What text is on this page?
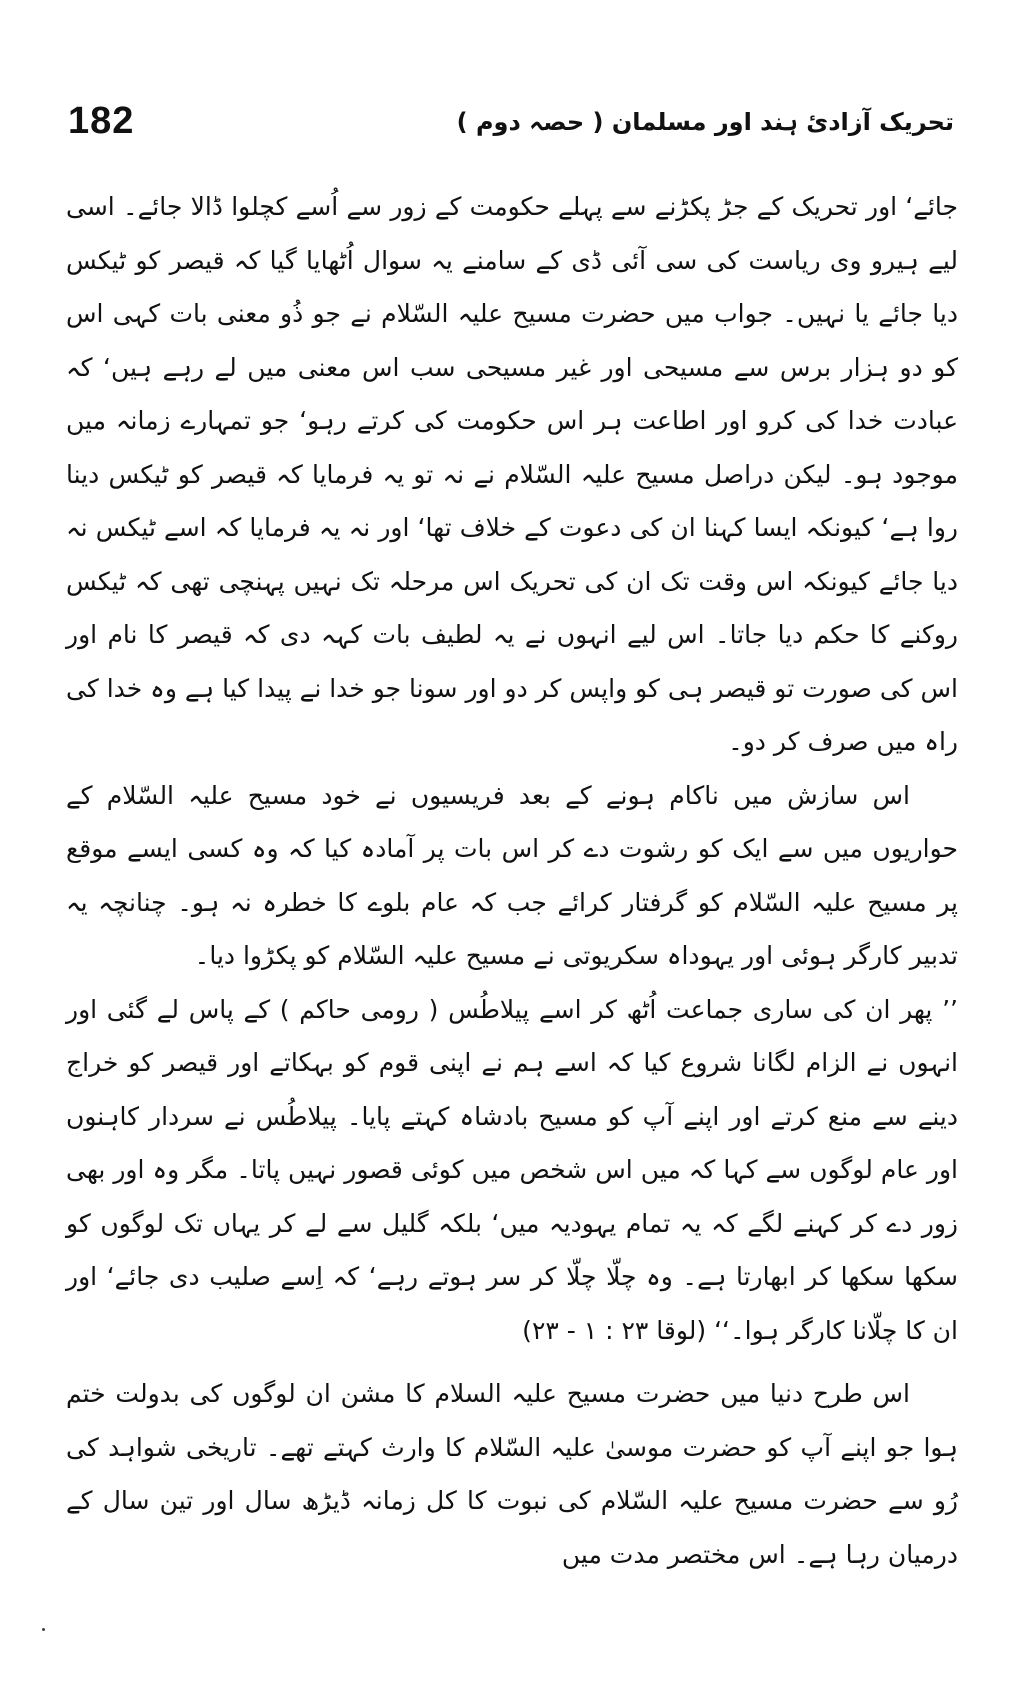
182	تحریک آزادیٔ ہند اور مسلمان ( حصہ دوم )

جائے‘ اور تحریک کے جڑ پکڑنے سے پہلے حکومت کے زور سے اُسے کچلوا ڈالا جائے۔ اسی لیے ہیرو وی ریاست کی سی آئی ڈی کے سامنے یہ سوال اُٹھایا گیا کہ قیصر کو ٹیکس دیا جائے یا نہیں۔ جواب میں حضرت مسیح علیہ السّلام نے جو ذُو معنی بات کہی اس کو دو ہزار برس سے مسیحی اور غیر مسیحی سب اس معنی میں لے رہے ہیں‘ کہ عبادت خدا کی کرو اور اطاعت ہر اس حکومت کی کرتے رہو‘ جو تمہارے زمانہ میں موجود ہو۔ لیکن دراصل مسیح علیہ السّلام نے نہ تو یہ فرمایا کہ قیصر کو ٹیکس دینا روا ہے‘ کیونکہ ایسا کہنا ان کی دعوت کے خلاف تھا‘ اور نہ یہ فرمایا کہ اسے ٹیکس نہ دیا جائے کیونکہ اس وقت تک ان کی تحریک اس مرحلہ تک نہیں پہنچی تھی کہ ٹیکس روکنے کا حکم دیا جاتا۔ اس لیے انہوں نے یہ لطیف بات کہہ دی کہ قیصر کا نام اور اس کی صورت تو قیصر ہی کو واپس کر دو اور سونا جو خدا نے پیدا کیا ہے وہ خدا کی راہ میں صرف کر دو۔

اس سازش میں ناکام ہونے کے بعد فریسیوں نے خود مسیح علیہ السّلام کے حواریوں میں سے ایک کو رشوت دے کر اس بات پر آمادہ کیا کہ وہ کسی ایسے موقع پر مسیح علیہ السّلام کو گرفتار کرائے جب کہ عام بلوے کا خطرہ نہ ہو۔ چنانچہ یہ تدبیر کارگر ہوئی اور یہوداہ سکریوتی نے مسیح علیہ السّلام کو پکڑوا دیا۔

’’ پھر ان کی ساری جماعت اُٹھ کر اسے پیلاطُس ( رومی حاکم ) کے پاس لے گئی اور انہوں نے الزام لگانا شروع کیا کہ اسے ہم نے اپنی قوم کو بہکاتے اور قیصر کو خراج دینے سے منع کرتے اور اپنے آپ کو مسیح بادشاہ کہتے پایا۔ پیلاطُس نے سردار کاہنوں اور عام لوگوں سے کہا کہ میں اس شخص میں کوئی قصور نہیں پاتا۔ مگر وہ اور بھی زور دے کر کہنے لگے کہ یہ تمام یہودیہ میں‘ بلکہ گلیل سے لے کر یہاں تک لوگوں کو سکھا سکھا کر ابھارتا ہے۔ وہ چلّا چلّا کر سر ہوتے رہے‘ کہ اِسے صلیب دی جائے‘ اور ان کا چلّانا کارگر ہوا۔‘‘ (لوقا ۲۳ : ۱ - ۲۳)

اس طرح دنیا میں حضرت مسیح علیہ السلام کا مشن ان لوگوں کی بدولت ختم ہوا جو اپنے آپ کو حضرت موسیٰ علیہ السّلام کا وارث کہتے تھے۔ تاریخی شواہد کی رُو سے حضرت مسیح علیہ السّلام کی نبوت کا کل زمانہ ڈیڑھ سال اور تین سال کے درمیان رہا ہے۔ اس مختصر مدت میں
